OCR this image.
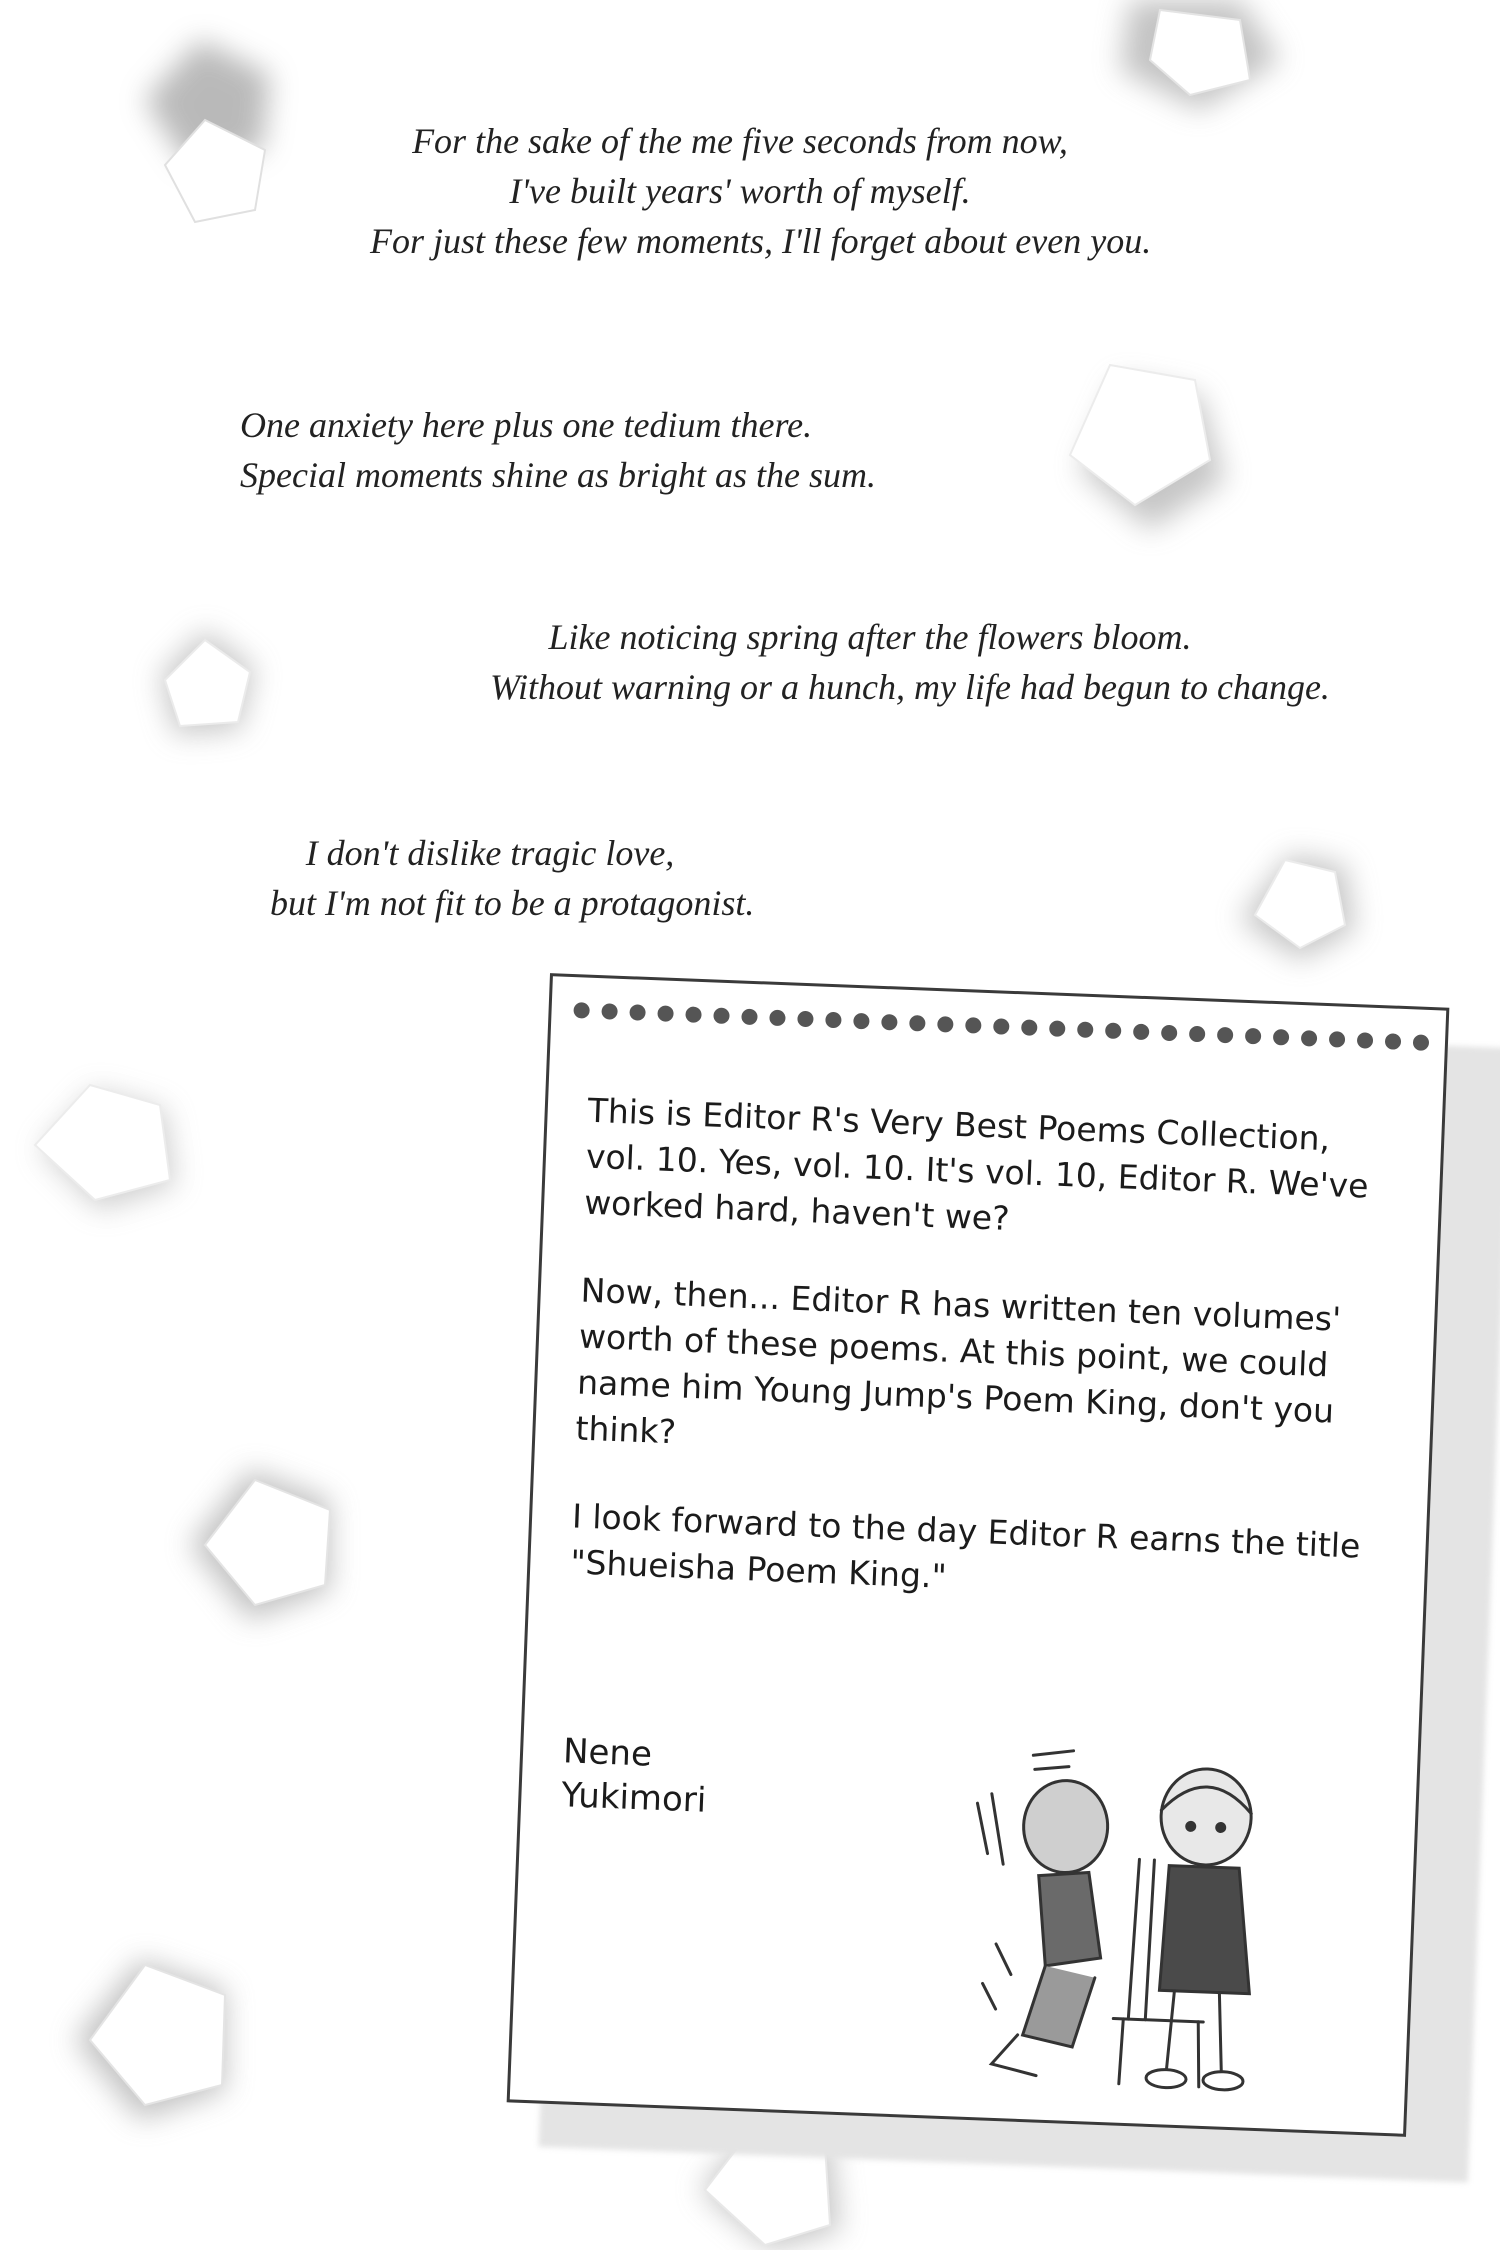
For the sake of the me five seconds from now,
I've built years' worth of myself.
For just these few moments, I'll forget about even you.
One anxiety here plus one tedium there.
Special moments shine as bright as the sum.
Like noticing spring after the flowers bloom.
Without warning or a hunch, my life had begun to change.
I don't dislike tragic love,
but I'm not fit to be a protagonist.

This is Editor R's Very Best Poems Collection, vol. 10. Yes, vol. 10. It's vol. 10, Editor R. We've worked hard, haven't we?

Now, then... Editor R has written ten volumes' worth of these poems. At this point, we could name him Young Jump's Poem King, don't you think?

I look forward to the day Editor R earns the title "Shueisha Poem King."

Nene
Yukimori
